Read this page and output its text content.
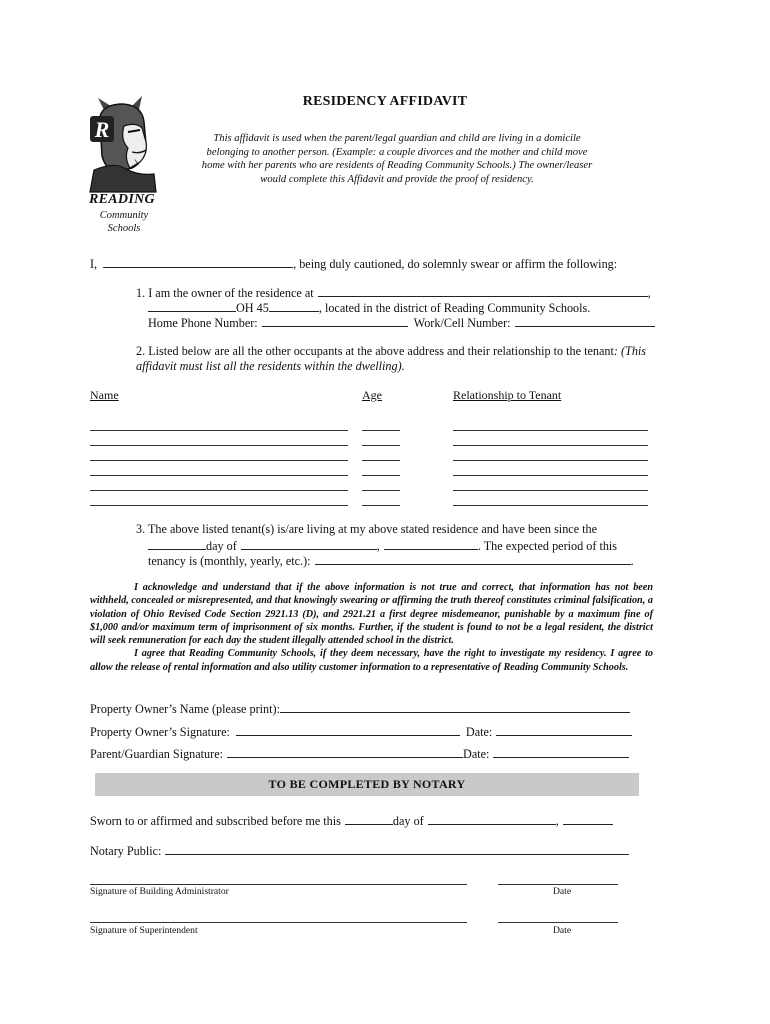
R
READING
Community
Schools
RESIDENCY AFFIDAVIT
This affidavit is used when the parent/legal guardian and child are living in a domicile belonging to another person. (Example: a couple divorces and the mother and child move home with her parents who are residents of Reading Community Schools.) The owner/leaser would complete this Affidavit and provide the proof of residency.
I,	, being duly cautioned, do solemnly swear or affirm the following:
1. I am the owner of the residence at	,
OH 45	, located in the district of Reading Community Schools.
Home Phone Number:	Work/Cell Number:
2. Listed below are all the other occupants at the above address and their relationship to the tenant: (This affidavit must list all the residents within the dwelling).
Name	Age	Relationship to Tenant
3. The above listed tenant(s) is/are living at my above stated residence and have been since the
day of	,	. The expected period of this
tenancy is (monthly, yearly, etc.):	.

I acknowledge and understand that if the above information is not true and correct, that information has not been withheld, concealed or misrepresented, and that knowingly swearing or affirming the truth thereof constitutes criminal falsification, a violation of Ohio Revised Code Section 2921.13 (D), and 2921.21 a first degree misdemeanor, punishable by a maximum fine of $1,000 and/or maximum term of imprisonment of six months. Further, if the student is found to not be a legal resident, the district will seek remuneration for each day the student illegally attended school in the district.

I agree that Reading Community Schools, if they deem necessary, have the right to investigate my residency. I agree to allow the release of rental information and also utility customer information to a representative of Reading Community Schools.

Property Owner’s Name (please print):
Property Owner’s Signature:	Date:
Parent/Guardian Signature:	Date:
TO BE COMPLETED BY NOTARY
Sworn to or affirmed and subscribed before me this	day of	,
Notary Public:
Signature of Building Administrator	Date
Signature of Superintendent	Date
